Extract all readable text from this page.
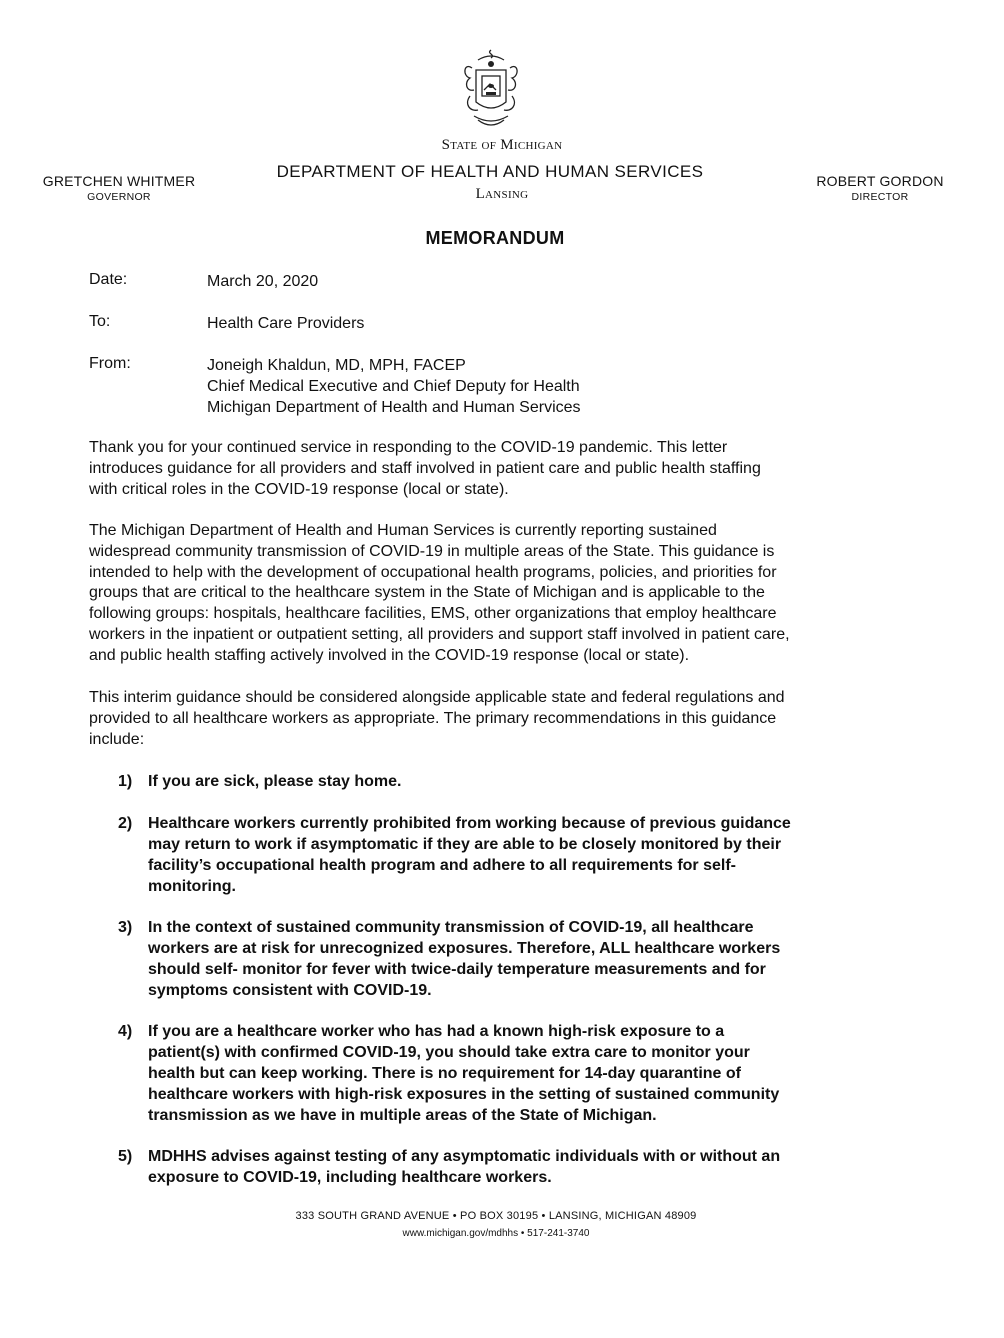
State of Michigan
DEPARTMENT OF HEALTH AND HUMAN SERVICES
Lansing
GRETCHEN WHITMER
GOVERNOR
ROBERT GORDON
DIRECTOR
MEMORANDUM
Date:	March 20, 2020
To:	Health Care Providers
From:	Joneigh Khaldun, MD, MPH, FACEP
Chief Medical Executive and Chief Deputy for Health
Michigan Department of Health and Human Services

Thank you for your continued service in responding to the COVID-19 pandemic. This letter

introduces guidance for all providers and staff involved in patient care and public health staffing

with critical roles in the COVID-19 response (local or state).

The Michigan Department of Health and Human Services is currently reporting sustained

widespread community transmission of COVID-19 in multiple areas of the State. This guidance is

intended to help with the development of occupational health programs, policies, and priorities for

groups that are critical to the healthcare system in the State of Michigan and is applicable to the

following groups: hospitals, healthcare facilities, EMS, other organizations that employ healthcare

workers in the inpatient or outpatient setting, all providers and support staff involved in patient care,

and public health staffing actively involved in the COVID-19 response (local or state).

This interim guidance should be considered alongside applicable state and federal regulations and

provided to all healthcare workers as appropriate. The primary recommendations in this guidance

include:

1) If you are sick, please stay home.
2) Healthcare workers currently prohibited from working because of previous guidance
may return to work if asymptomatic if they are able to be closely monitored by their
facility’s occupational health program and adhere to all requirements for self-
monitoring.
3) In the context of sustained community transmission of COVID-19, all healthcare
workers are at risk for unrecognized exposures. Therefore, ALL healthcare workers
should self- monitor for fever with twice-daily temperature measurements and for
symptoms consistent with COVID-19.
4) If you are a healthcare worker who has had a known high-risk exposure to a
patient(s) with confirmed COVID-19, you should take extra care to monitor your
health but can keep working. There is no requirement for 14-day quarantine of
healthcare workers with high-risk exposures in the setting of sustained community
transmission as we have in multiple areas of the State of Michigan.
5) MDHHS advises against testing of any asymptomatic individuals with or without an
exposure to COVID-19, including healthcare workers.
333 SOUTH GRAND AVENUE • PO BOX 30195 • LANSING, MICHIGAN 48909
www.michigan.gov/mdhhs • 517-241-3740
